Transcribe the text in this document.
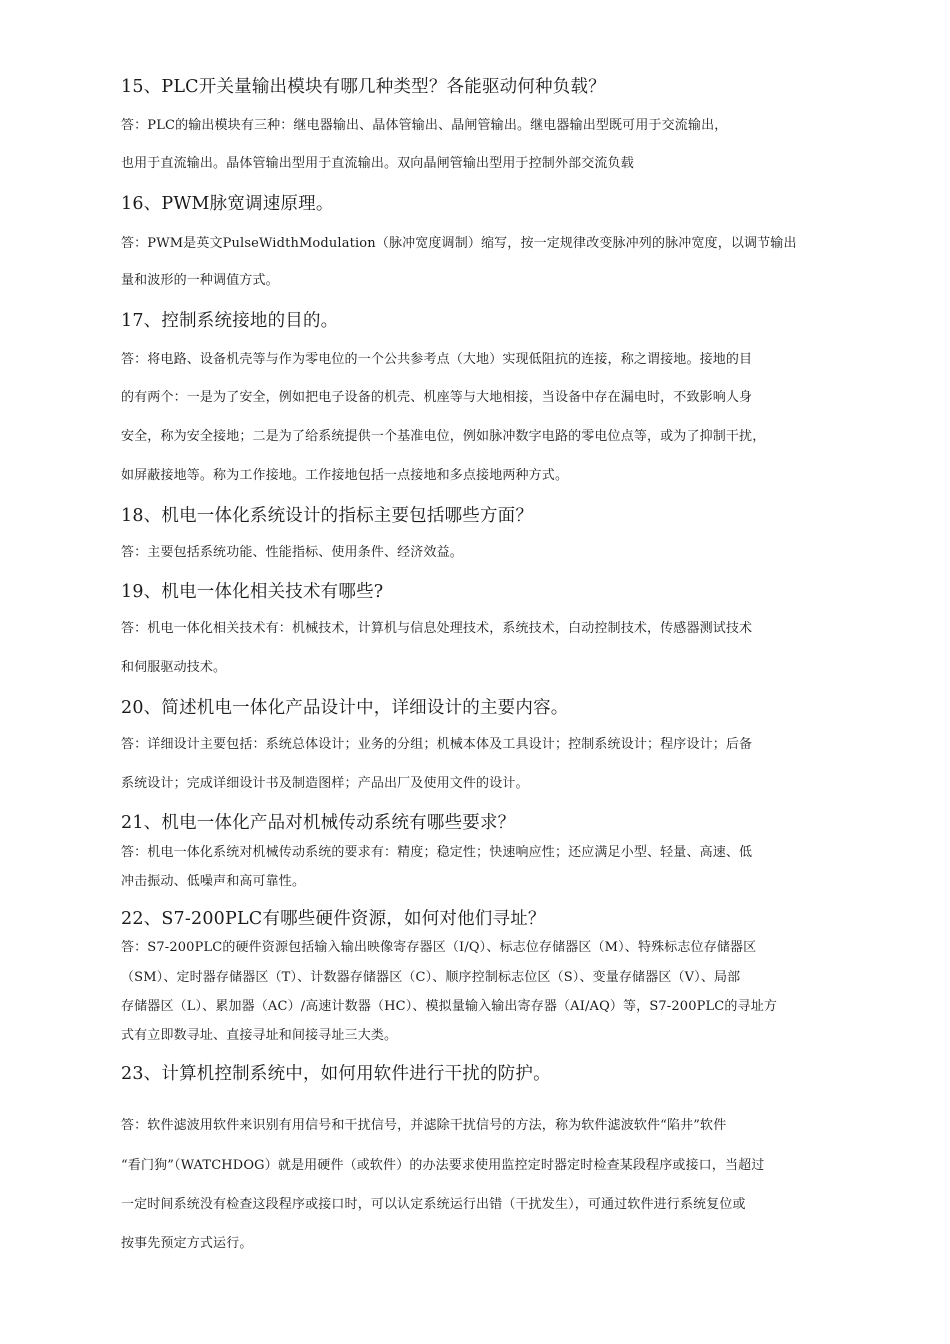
15、PLC开关量输出模块有哪几种类型？各能驱动何种负载？

答：PLC的输出模块有三种：继电器输出、晶体管输出、晶闸管输出。继电器输出型既可用于交流输出，

也用于直流输出。晶体管输出型用于直流输出。双向晶闸管输出型用于控制外部交流负载

16、PWM脉宽调速原理。

答：PWM是英文PulseWidthModulation（脉冲宽度调制）缩写，按一定规律改变脉冲列的脉冲宽度，以调节输出

量和波形的一种调值方式。

17、控制系统接地的目的。

答：将电路、设备机壳等与作为零电位的一个公共参考点（大地）实现低阻抗的连接，称之谓接地。接地的目

的有两个：一是为了安全，例如把电子设备的机壳、机座等与大地相接，当设备中存在漏电时，不致影响人身

安全，称为安全接地；二是为了给系统提供一个基准电位，例如脉冲数字电路的零电位点等，或为了抑制干扰，

如屏蔽接地等。称为工作接地。工作接地包括一点接地和多点接地两种方式。

18、机电一体化系统设计的指标主要包括哪些方面？

答：主要包括系统功能、性能指标、使用条件、经济效益。

19、机电一体化相关技术有哪些?

答：机电一体化相关技术有：机械技术，计算机与信息处理技术，系统技术，白动控制技术，传感器测试技术

和伺服驱动技术。

20、简述机电一体化产品设计中，详细设计的主要内容。

答：详细设计主要包括：系统总体设计；业务的分组；机械本体及工具设计；控制系统设计；程序设计；后备

系统设计；完成详细设计书及制造图样；产品出厂及使用文件的设计。

21、机电一体化产品对机械传动系统有哪些要求？

答：机电一体化系统对机械传动系统的要求有：精度；稳定性；快速响应性；还应满足小型、轻量、高速、低

冲击振动、低噪声和高可靠性。

22、S7-200PLC有哪些硬件资源，如何对他们寻址？

答：S7-200PLC的硬件资源包括输入输出映像寄存器区（I/Q）、标志位存储器区（M）、特殊标志位存储器区

（SM）、定时器存储器区（T）、计数器存储器区（C）、顺序控制标志位区（S）、变量存储器区（V）、局部

存储器区（L）、累加器（AC）/高速计数器（HC）、模拟量输入输出寄存器（AI/AQ）等，S7-200PLC的寻址方

式有立即数寻址、直接寻址和间接寻址三大类。

23、计算机控制系统中，如何用软件进行干扰的防护。

答：软件滤波用软件来识别有用信号和干扰信号，并滤除干扰信号的方法，称为软件滤波软件“陷井”软件

“看门狗”（WATCHDOG）就是用硬件（或软件）的办法要求使用监控定时器定时检查某段程序或接口，当超过

一定时间系统没有检查这段程序或接口时，可以认定系统运行出错（干扰发生），可通过软件进行系统复位或

按事先预定方式运行。
